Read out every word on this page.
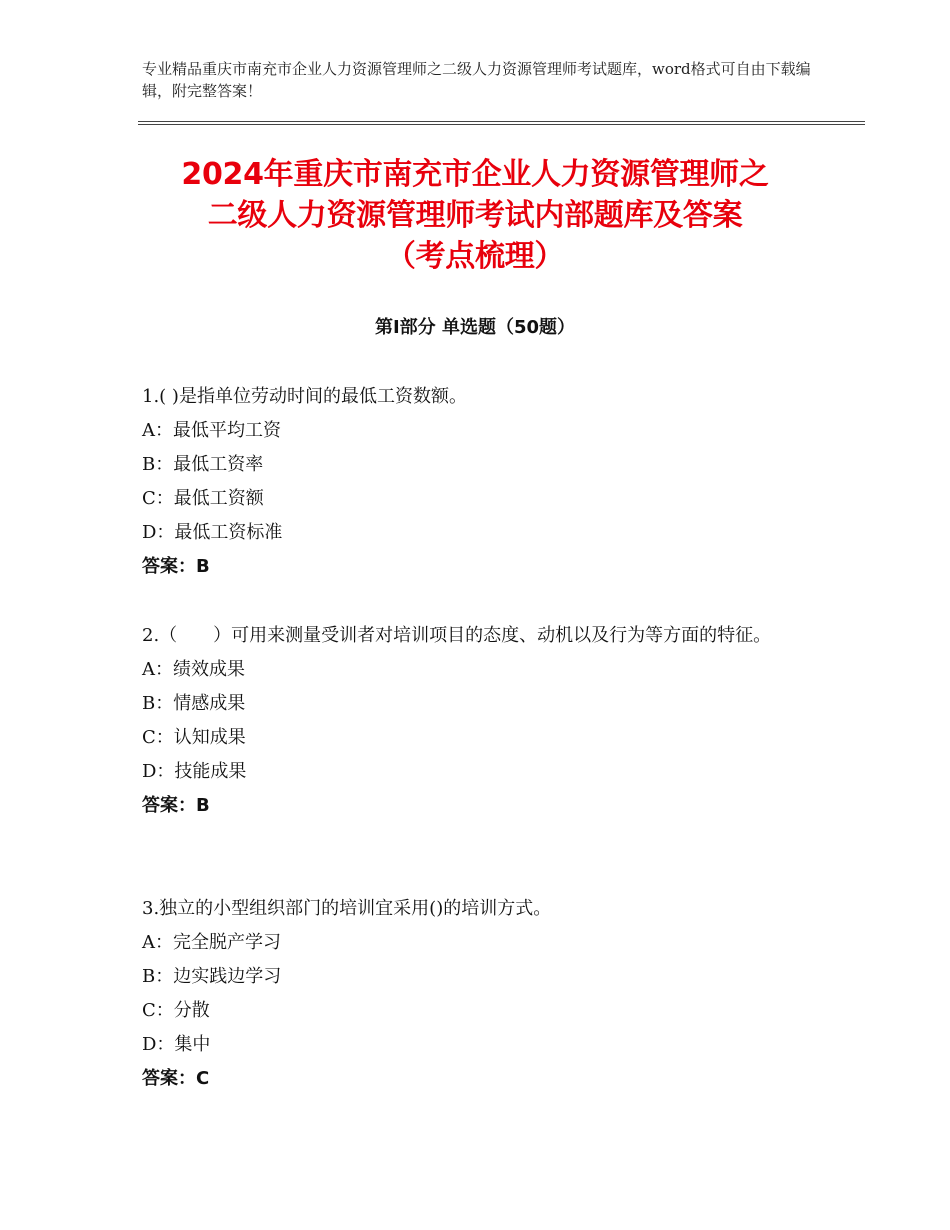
专业精品重庆市南充市企业人力资源管理师之二级人力资源管理师考试题库，word格式可自由下载编辑，附完整答案！
2024年重庆市南充市企业人力资源管理师之
二级人力资源管理师考试内部题库及答案
（考点梳理）
第Ⅰ部分 单选题（50题）

1.( )是指单位劳动时间的最低工资数额。

A：最低平均工资

B：最低工资率

C：最低工资额

D：最低工资标准

答案：B

2.（　　）可用来测量受训者对培训项目的态度、动机以及行为等方面的特征。

A：绩效成果

B：情感成果

C：认知成果

D：技能成果

答案：B

3.独立的小型组织部门的培训宜采用()的培训方式。

A：完全脱产学习

B：边实践边学习

C：分散

D：集中

答案：C
